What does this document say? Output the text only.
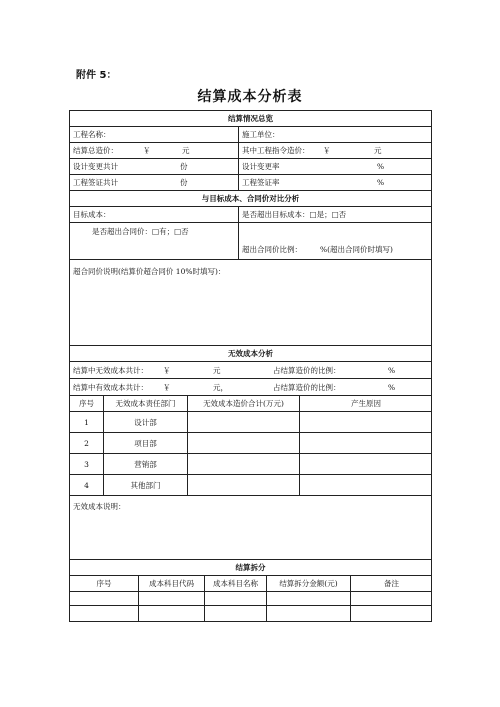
附件 5：
结算成本分析表
结算情况总览
工程名称：	施工单位：
结算总造价：	￥	元	其中工程指令造价： ￥	元
设计变更共计	份	设计变更率	%
工程签证共计	份	工程签证率	%
与目标成本、合同价对比分析
目标成本：	是否超出目标成本： □是； □否
是否超出合同价： □有； □否
超出合同价比例： %(超出合同价时填写)
超合同价说明(结算价超合同价 10%时填写)：
无效成本分析
结算中无效成本共计： ￥	元	占结算造价的比例：	%
结算中有效成本共计： ￥	元，	占结算造价的比例：	%
序号	无效成本责任部门	无效成本造价合计(万元)	产生原因
1	设计部
2	项目部
3	营销部
4	其他部门
无效成本说明：
结算拆分
序号	成本科目代码	成本科目名称	结算拆分金额(元)	备注
